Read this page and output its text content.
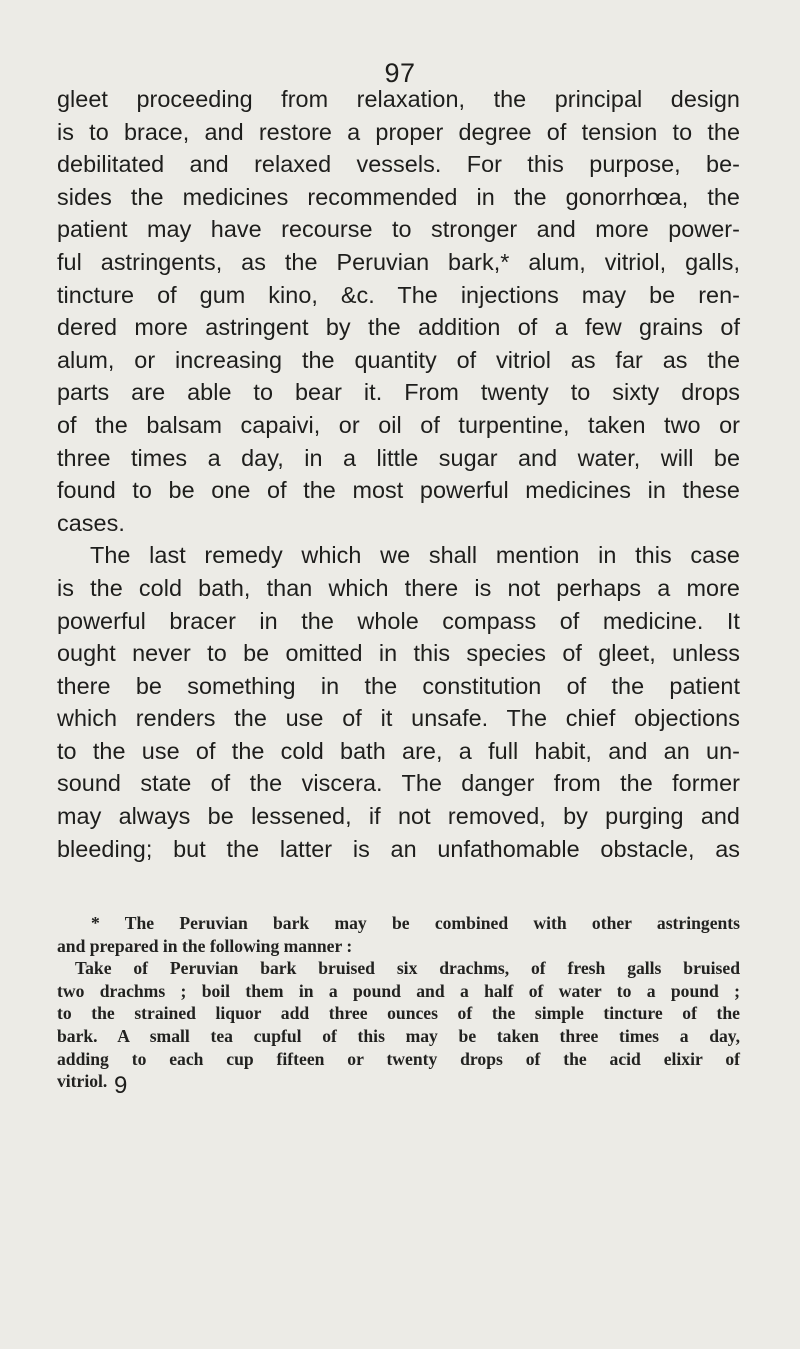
97
gleet proceeding from relaxation, the principal design
is to brace, and restore a proper degree of tension to the
debilitated and relaxed vessels. For this purpose, be-
sides the medicines recommended in the gonorrhœa, the
patient may have recourse to stronger and more power-
ful astringents, as the Peruvian bark,* alum, vitriol, galls,
tincture of gum kino, &c. The injections may be ren-
dered more astringent by the addition of a few grains of
alum, or increasing the quantity of vitriol as far as the
parts are able to bear it. From twenty to sixty drops
of the balsam capaivi, or oil of turpentine, taken two or
three times a day, in a little sugar and water, will be
found to be one of the most powerful medicines in these
cases.
The last remedy which we shall mention in this case
is the cold bath, than which there is not perhaps a more
powerful bracer in the whole compass of medicine. It
ought never to be omitted in this species of gleet, unless
there be something in the constitution of the patient
which renders the use of it unsafe. The chief objections
to the use of the cold bath are, a full habit, and an un-
sound state of the viscera. The danger from the former
may always be lessened, if not removed, by purging and
bleeding; but the latter is an unfathomable obstacle, as
* The Peruvian bark may be combined with other astringents
and prepared in the following manner :
Take of Peruvian bark bruised six drachms, of fresh galls bruised
two drachms ; boil them in a pound and a half of water to a pound ;
to the strained liquor add three ounces of the simple tincture of the
bark. A small tea cupful of this may be taken three times a day,
adding to each cup fifteen or twenty drops of the acid elixir of
vitriol. 9
